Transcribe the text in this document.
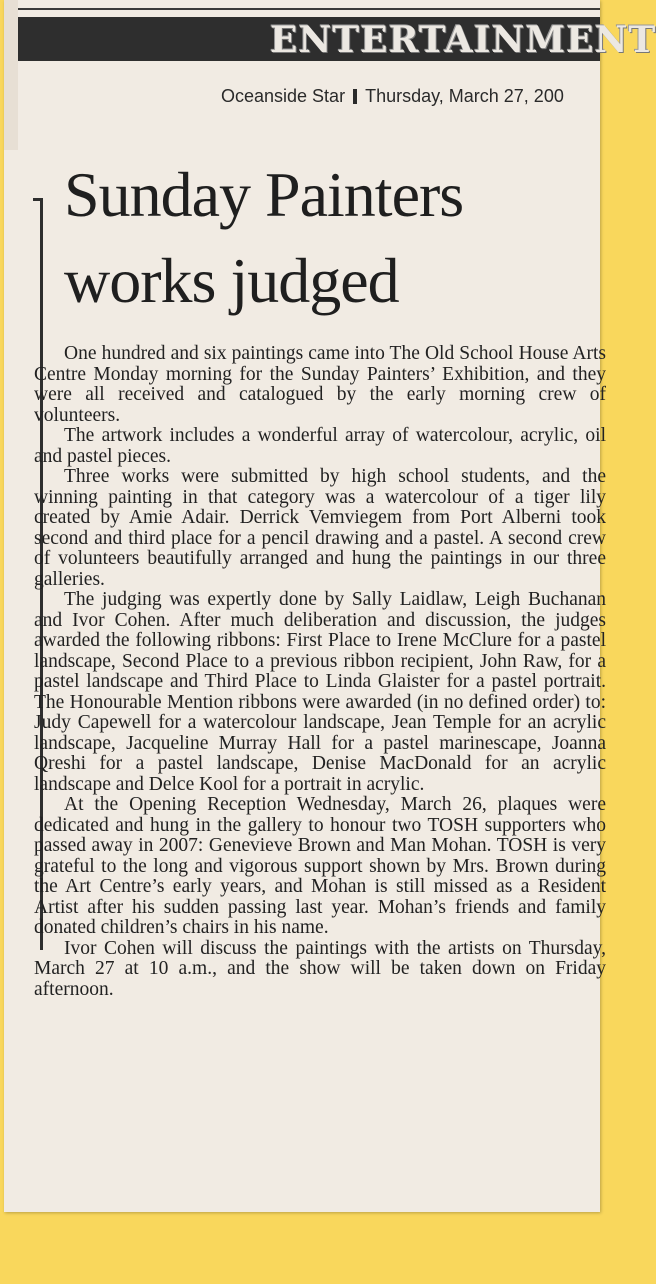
ENTERTAINMENT
Oceanside Star Thursday, March 27, 200
Sunday Painters
works judged

One hundred and six paintings came into The Old School House Arts Centre Monday morning for the Sunday Painters’ Exhibition, and they were all received and catalogued by the early morning crew of volunteers.

The artwork includes a wonderful array of watercolour, acrylic, oil and pastel pieces.

Three works were submitted by high school students, and the winning painting in that category was a watercolour of a tiger lily created by Amie Adair. Derrick Vemviegem from Port Alberni took second and third place for a pencil drawing and a pastel. A second crew of volunteers beautifully arranged and hung the paintings in our three galleries.

The judging was expertly done by Sally Laidlaw, Leigh Buchanan and Ivor Cohen. After much deliberation and discussion, the judges awarded the following ribbons: First Place to Irene McClure for a pastel landscape, Second Place to a previous ribbon recipient, John Raw, for a pastel landscape and Third Place to Linda Glaister for a pastel portrait. The Honourable Mention ribbons were awarded (in no defined order) to: Judy Capewell for a watercolour landscape, Jean Temple for an acrylic landscape, Jacqueline Murray Hall for a pastel marinescape, Joanna Qreshi for a pastel landscape, Denise MacDonald for an acrylic landscape and Delce Kool for a portrait in acrylic.

At the Opening Reception Wednesday, March 26, plaques were dedicated and hung in the gallery to honour two TOSH supporters who passed away in 2007: Genevieve Brown and Man Mohan. TOSH is very grateful to the long and vigorous support shown by Mrs. Brown during the Art Centre’s early years, and Mohan is still missed as a Resident Artist after his sudden passing last year. Mohan’s friends and family donated children’s chairs in his name.

Ivor Cohen will discuss the paintings with the artists on Thursday, March 27 at 10 a.m., and the show will be taken down on Friday afternoon.
